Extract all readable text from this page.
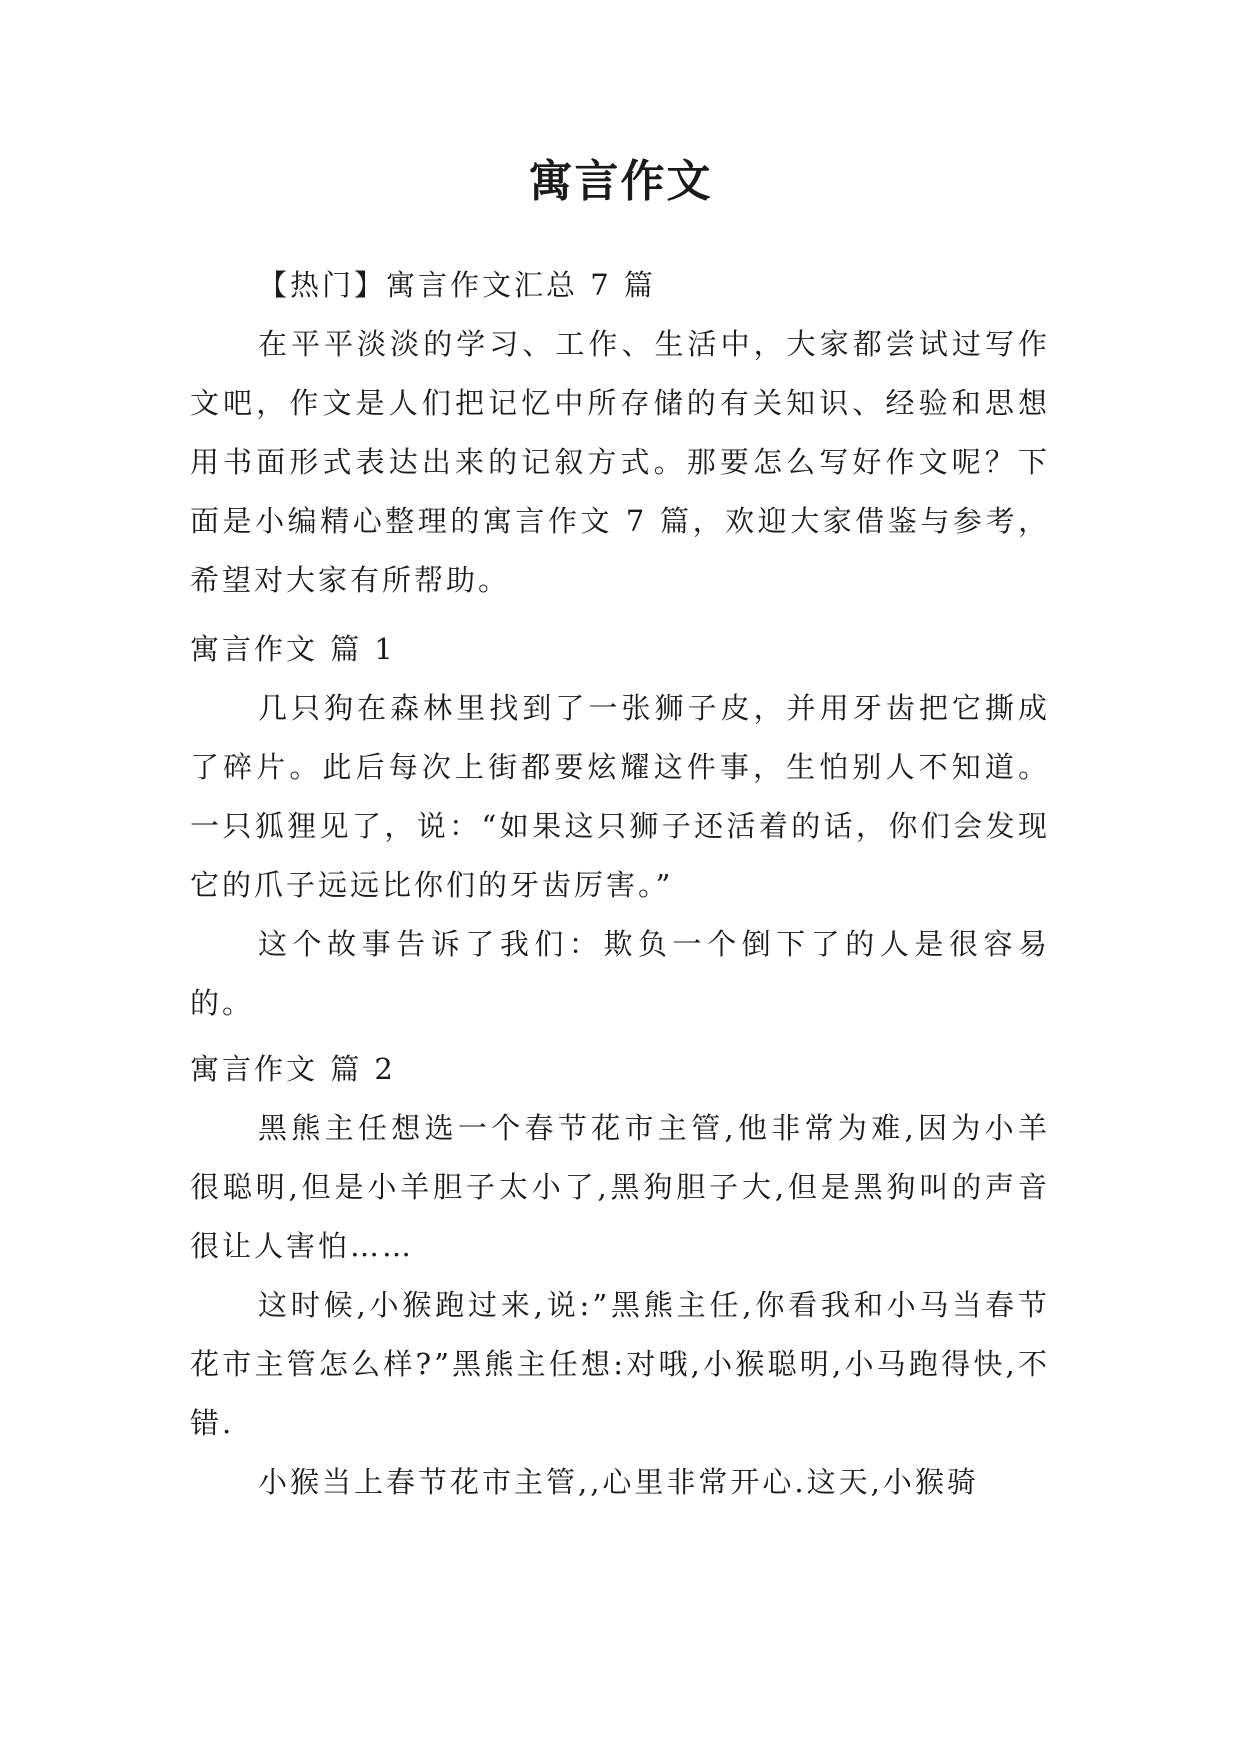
寓言作文

【热门】寓言作文汇总 7 篇

在平平淡淡的学习、工作、生活中，大家都尝试过写作文吧，作文是人们把记忆中所存储的有关知识、经验和思想用书面形式表达出来的记叙方式。那要怎么写好作文呢？下面是小编精心整理的寓言作文 7 篇，欢迎大家借鉴与参考，希望对大家有所帮助。

寓言作文 篇 1

几只狗在森林里找到了一张狮子皮，并用牙齿把它撕成了碎片。此后每次上街都要炫耀这件事，生怕别人不知道。一只狐狸见了，说：“如果这只狮子还活着的话，你们会发现它的爪子远远比你们的牙齿厉害。”

这个故事告诉了我们：欺负一个倒下了的人是很容易的。

寓言作文 篇 2

黑熊主任想选一个春节花市主管,他非常为难,因为小羊很聪明,但是小羊胆子太小了,黑狗胆子大,但是黑狗叫的声音很让人害怕……

这时候,小猴跑过来,说:”黑熊主任,你看我和小马当春节花市主管怎么样?”黑熊主任想:对哦,小猴聪明,小马跑得快,不错.

小猴当上春节花市主管,,心里非常开心.这天,小猴骑
